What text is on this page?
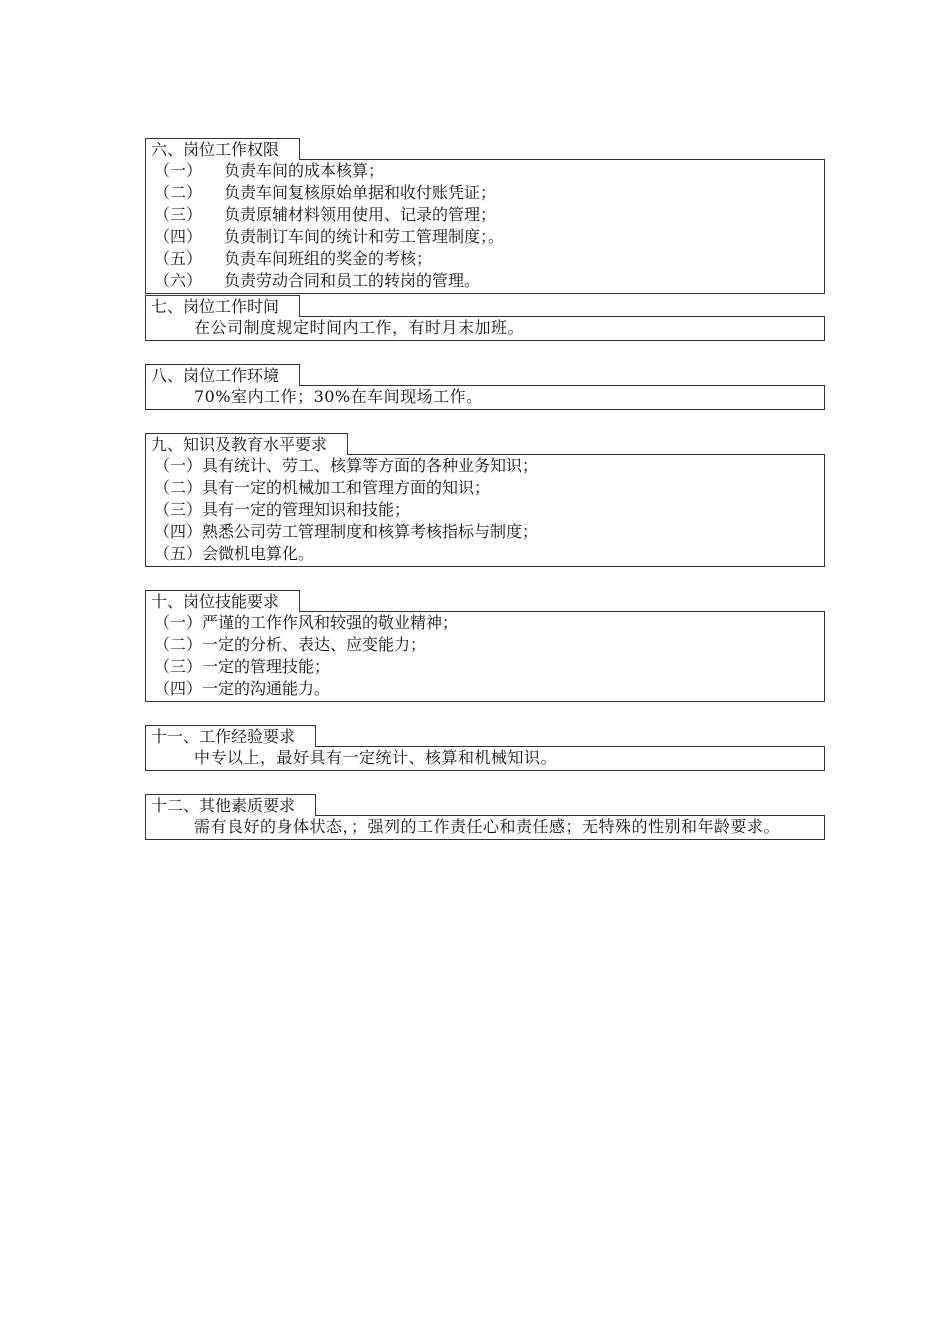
六、岗位工作权限
（一） 负责车间的成本核算；
（二） 负责车间复核原始单据和收付账凭证；
（三） 负责原辅材料领用使用、记录的管理；
（四） 负责制订车间的统计和劳工管理制度；。
（五） 负责车间班组的奖金的考核；
（六） 负责劳动合同和员工的转岗的管理。
七、岗位工作时间
在公司制度规定时间内工作，有时月末加班。
八、岗位工作环境
70%室内工作；30%在车间现场工作。
九、知识及教育水平要求
（一）具有统计、劳工、核算等方面的各种业务知识；
（二）具有一定的机械加工和管理方面的知识；
（三）具有一定的管理知识和技能；
（四）熟悉公司劳工管理制度和核算考核指标与制度；
（五）会微机电算化。
十、岗位技能要求
（一）严谨的工作作风和较强的敬业精神；
（二）一定的分析、表达、应变能力；
（三）一定的管理技能；
（四）一定的沟通能力。
十一、工作经验要求
中专以上，最好具有一定统计、核算和机械知识。
十二、其他素质要求
需有良好的身体状态，；强列的工作责任心和责任感；无特殊的性别和年龄要求。
